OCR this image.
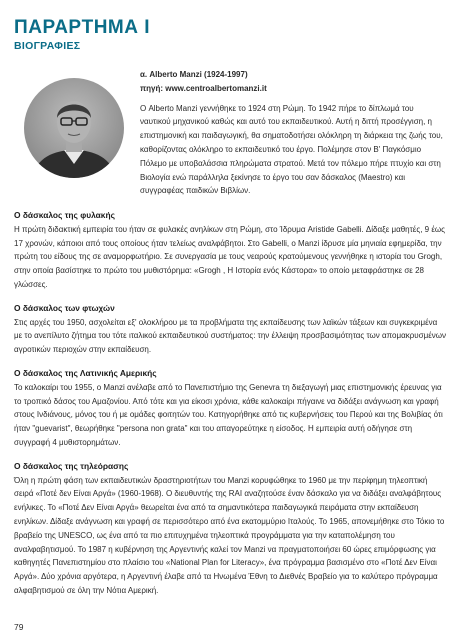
ΠΑΡΑΡΤΗΜΑ I
ΒΙΟΓΡΑΦΙΕΣ

α. Alberto Manzi (1924-1997)

πηγή: www.centroalbertomanzi.it

Ο Alberto Manzi γεννήθηκε το 1924 στη Ρώμη. Το 1942 πήρε το δίπλωμά του ναυτικού μηχανικού καθώς και αυτό του εκπαιδευτικού. Αυτή η διττή προσέγγιση, η επιστημονική και παιδαγωγική, θα σηματοδοτήσει ολόκληρη τη διάρκεια της ζωής του, καθορίζοντας ολόκληρο το εκπαιδευτικό του έργο. Πολέμησε στον Β' Παγκόσμιο Πόλεμο με υποβαλάσσια πληρώματα στρατού. Μετά τον πόλεμο πήρε πτυχίο και στη Βιολογία ενώ παράλληλα ξεκίνησε το έργο του σαν δάσκαλος (Maestro) και συγγραφέας παιδικών Βιβλίων.

Ο δάσκαλος της φυλακής

Η πρώτη διδακτική εμπειρία του ήταν σε φυλακές ανηλίκων στη Ρώμη, στο Ίδρυμα Aristide Gabelli. Δίδαξε μαθητές, 9 έως 17 χρονών, κάποιοι από τους οποίους ήταν τελείως αναλφάβητοι. Στο Gabelli, ο Manzi ίδρυσε μία μηνιαία εφημερίδα, την πρώτη του είδους της σε αναμορφωτήριο. Σε συνεργασία με τους νεαρούς κρατούμενους γεννήθηκε η ιστορία του Grogh, στην οποία βασίστηκε το πρώτο του μυθιστόρημα: «Grogh , Η Ιστορία ενός Κάστορα» το οποίο μεταφράστηκε σε 28 γλώσσες.

Ο δάσκαλος των φτωχών

Στις αρχές του 1950, ασχολείται εξ' ολοκλήρου με τα προβλήματα της εκπαίδευσης των λαϊκών τάξεων και συγκεκριμένα με το ανεπίλυτο ζήτημα του τότε ιταλικού εκπαιδευτικού συστήματος: την έλλειψη προσβασιμότητας των απομακρυσμένων αγροτικών περιοχών στην εκπαίδευση.

Ο δάσκαλος της Λατινικής Αμερικής

Το καλοκαίρι του 1955, ο Manzi ανέλαβε από το Πανεπιστήμιο της Genevra τη διεξαγωγή μιας επιστημονικής έρευνας για το τροπικό δάσος του Αμαζονίου. Από τότε και για είκοσι χρόνια, κάθε καλοκαίρι πήγαινε να διδάξει ανάγνωση και γραφή στους Ινδιάνους, μόνος του ή με ομάδες φοιτητών του. Κατηγορήθηκε από τις κυβερνήσεις του Περού και της Βολιβίας ότι ήταν "guevarist", θεωρήθηκε "persona non grata" και του απαγορεύτηκε η είσοδος. Η εμπειρία αυτή οδήγησε στη συγγραφή 4 μυθιστορημάτων.

Ο δάσκαλος της τηλεόρασης

Όλη η πρώτη φάση των εκπαιδευτικών δραστηριοτήτων του Manzi κορυφώθηκε το 1960 με την περίφημη τηλεοπτική σειρά «Ποτέ δεν Είναι Αργά» (1960-1968). Ο διευθυντής της RAI αναζητούσε έναν δάσκαλο για να διδάξει αναλφάβητους ενήλικες. Το «Ποτέ Δεν Είναι Αργά» θεωρείται ένα από τα σημαντικότερα παιδαγωγικά πειράματα στην εκπαίδευση ενηλίκων. Δίδαξε ανάγνωση και γραφή σε περισσότερο από ένα εκατομμύριο Ιταλούς. Το 1965, απονεμήθηκε στο Τόκιο το βραβείο της UNESCO, ως ένα από τα πιο επιτυχημένα τηλεοπτικά προγράμματα για την καταπολέμηση του αναλφαβητισμού. Το 1987 η κυβέρνηση της Αργεντινής καλεί τον Manzi να πραγματοποιήσει 60 ώρες επιμόρφωσης για καθηγητές Πανεπιστημίου στο πλαίσιο του «National Plan for Literacy», ένα πρόγραμμα βασισμένο στο «Ποτέ Δεν Είναι Αργά». Δύο χρόνια αργότερα, η Αργεντινή έλαβε από τα Ηνωμένα Έθνη το Διεθνές Βραβείο για το καλύτερο πρόγραμμα αλφαβητισμού σε όλη την Νότια Αμερική.

79
